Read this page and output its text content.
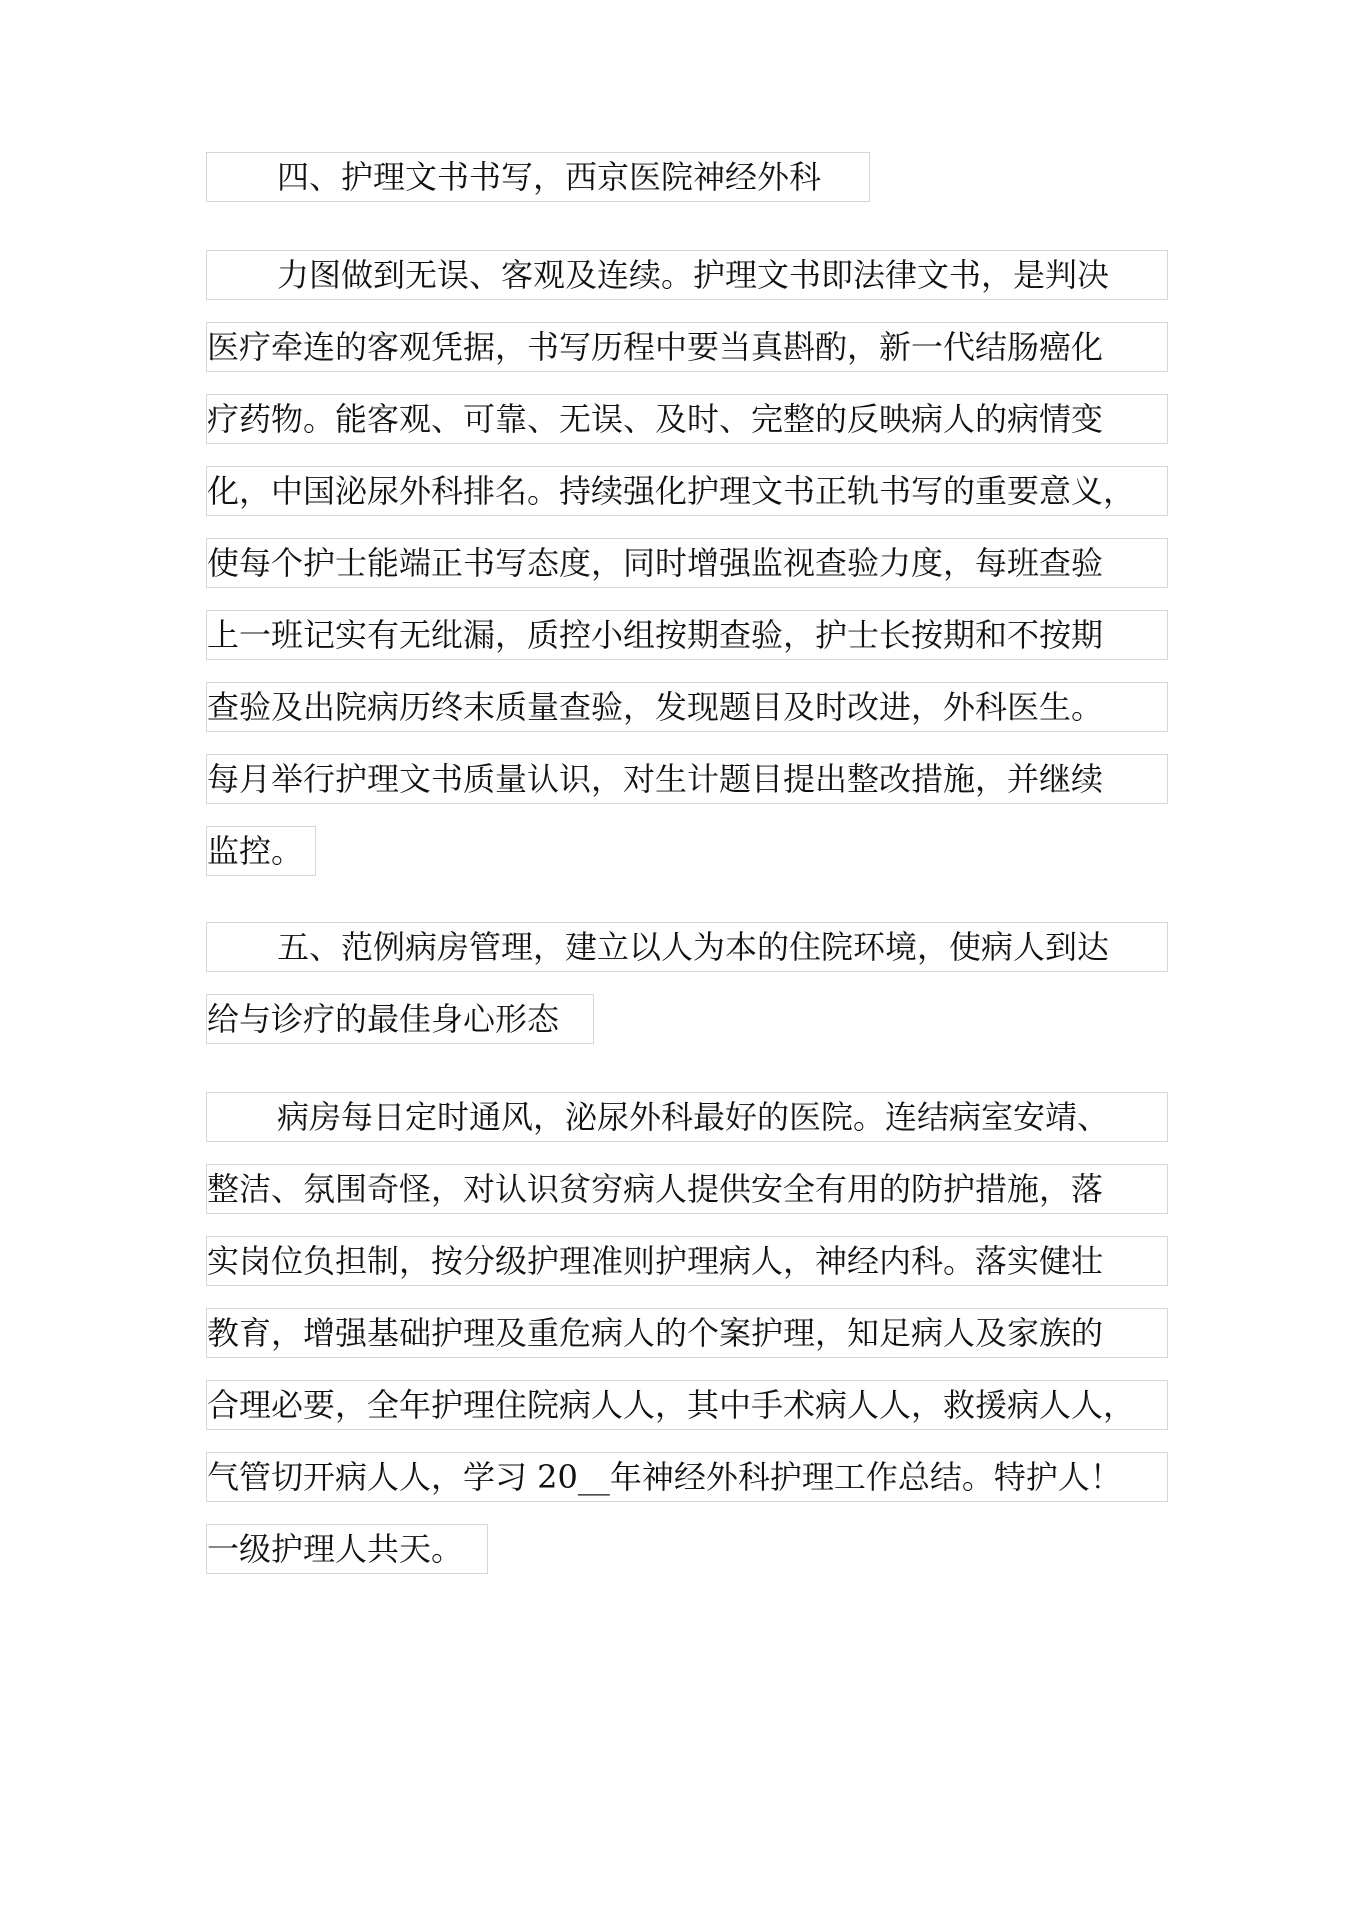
四、护理文书书写，西京医院神经外科
力图做到无误、客观及连续。护理文书即法律文书，是判决
医疗牵连的客观凭据，书写历程中要当真斟酌，新一代结肠癌化
疗药物。能客观、可靠、无误、及时、完整的反映病人的病情变
化，中国泌尿外科排名。持续强化护理文书正轨书写的重要意义，
使每个护士能端正书写态度，同时增强监视查验力度，每班查验
上一班记实有无纰漏，质控小组按期查验，护士长按期和不按期
查验及出院病历终末质量查验，发现题目及时改进，外科医生。
每月举行护理文书质量认识，对生计题目提出整改措施，并继续
监控。
五、范例病房管理，建立以人为本的住院环境，使病人到达
给与诊疗的最佳身心形态
病房每日定时通风，泌尿外科最好的医院。连结病室安靖、
整洁、氛围奇怪，对认识贫穷病人提供安全有用的防护措施，落
实岗位负担制，按分级护理准则护理病人，神经内科。落实健壮
教育，增强基础护理及重危病人的个案护理，知足病人及家族的
合理必要，全年护理住院病人人，其中手术病人人，救援病人人，
气管切开病人人，学习 20__年神经外科护理工作总结。特护人！
一级护理人共天。
